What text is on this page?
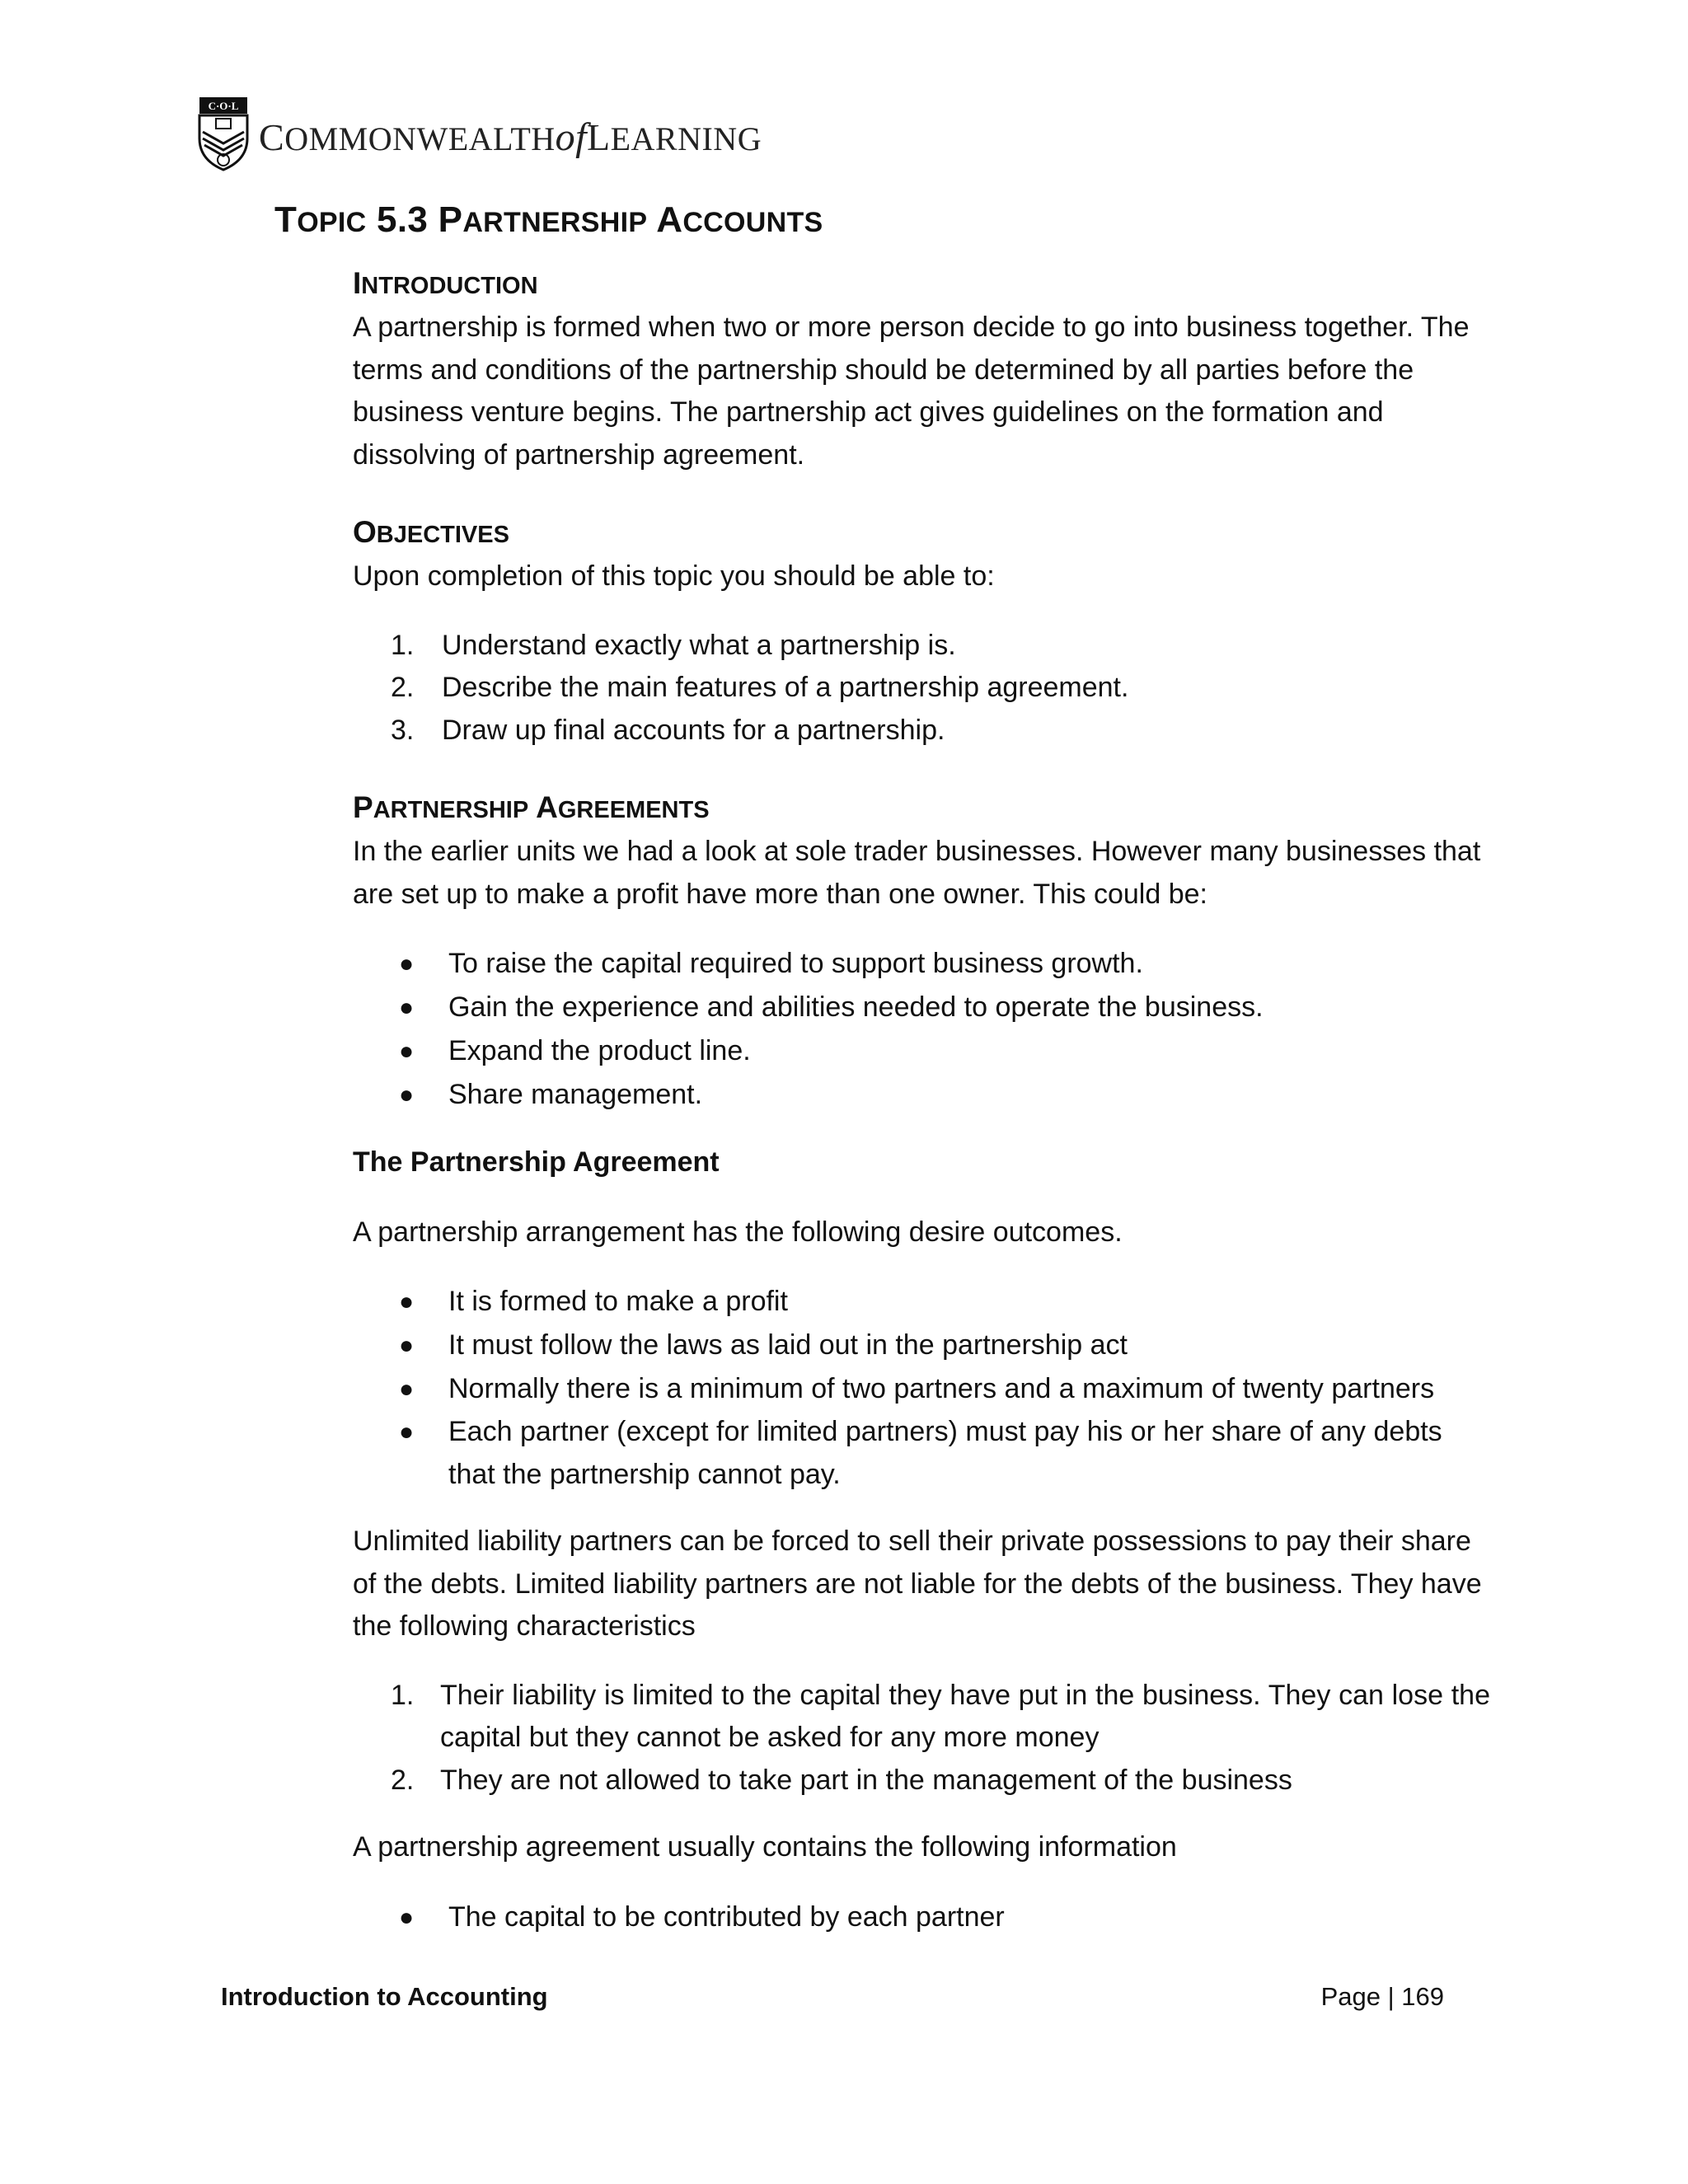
C·O·L
COMMONWEALTHofLEARNING
TOPIC 5.3 PARTNERSHIP ACCOUNTS
INTRODUCTION

A partnership is formed when two or more person decide to go into business together. The terms and conditions of the partnership should be determined by all parties before the business venture begins. The partnership act gives guidelines on the formation and dissolving of partnership agreement.

OBJECTIVES

Upon completion of this topic you should be able to:

1. Understand exactly what a partnership is.
2. Describe the main features of a partnership agreement.
3. Draw up final accounts for a partnership.
PARTNERSHIP AGREEMENTS

In the earlier units we had a look at sole trader businesses. However many businesses that are set up to make a profit have more than one owner. This could be:

● To raise the capital required to support business growth.
● Gain the experience and abilities needed to operate the business.
● Expand the product line.
● Share management.

The Partnership Agreement

A partnership arrangement has the following desire outcomes.

● It is formed to make a profit
● It must follow the laws as laid out in the partnership act
● Normally there is a minimum of two partners and a maximum of twenty partners
● Each partner (except for limited partners) must pay his or her share of any debts that the partnership cannot pay.

Unlimited liability partners can be forced to sell their private possessions to pay their share of the debts. Limited liability partners are not liable for the debts of the business. They have the following characteristics

1. Their liability is limited to the capital they have put in the business. They can lose the capital but they cannot be asked for any more money
2. They are not allowed to take part in the management of the business

A partnership agreement usually contains the following information

● The capital to be contributed by each partner
Introduction to Accounting	Page | 169
